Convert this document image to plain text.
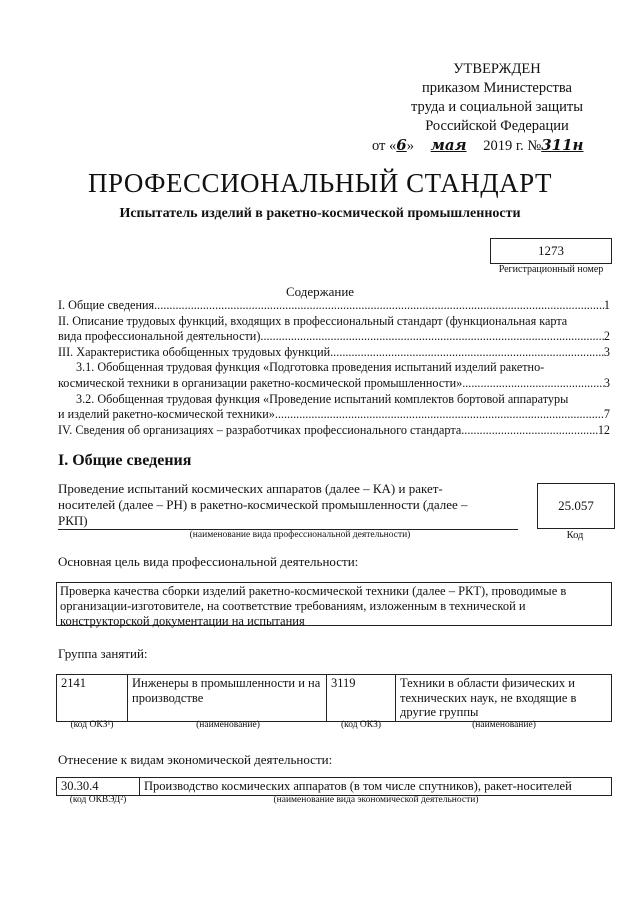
УТВЕРЖДЕН
приказом Министерства
труда и социальной защиты
Российской Федерации
от «6» мая 2019 г. №311н
ПРОФЕССИОНАЛЬНЫЙ СТАНДАРТ
Испытатель изделий в ракетно-космической промышленности
1273
Регистрационный номер
Содержание
I. Общие сведения .....	1
II. Описание трудовых функций, входящих в профессиональный стандарт (функциональная карта
вида профессиональной деятельности) .....	2
III. Характеристика обобщенных трудовых функций .....	3
3.1. Обобщенная трудовая функция «Подготовка проведения испытаний изделий ракетно-
космической техники в организации ракетно-космической промышленности» .....	3
3.2. Обобщенная трудовая функция «Проведение испытаний комплектов бортовой аппаратуры
и изделий ракетно-космической техники» .....	7
IV. Сведения об организациях – разработчиках профессионального стандарта .....	12
I. Общие сведения
Проведение испытаний космических аппаратов (далее – КА) и ракет-носителей (далее – РН) в ракетно-космической промышленности (далее – РКП)
(наименование вида профессиональной деятельности)
25.057
Код
Основная цель вида профессиональной деятельности:
Проверка качества сборки изделий ракетно-космической техники (далее – РКТ), проводимые в организации-изготовителе, на соответствие требованиям, изложенным в технической и конструкторской документации на испытания
Группа занятий:
2141	Инженеры в промышленности и на производстве	3119	Техники в области физических и технических наук, не входящие в другие группы
(код ОКЗ¹)	(наименование)	(код ОКЗ)	(наименование)
Отнесение к видам экономической деятельности:
30.30.4	Производство космических аппаратов (в том числе спутников), ракет-носителей
(код ОКВЭД²)	(наименование вида экономической деятельности)
